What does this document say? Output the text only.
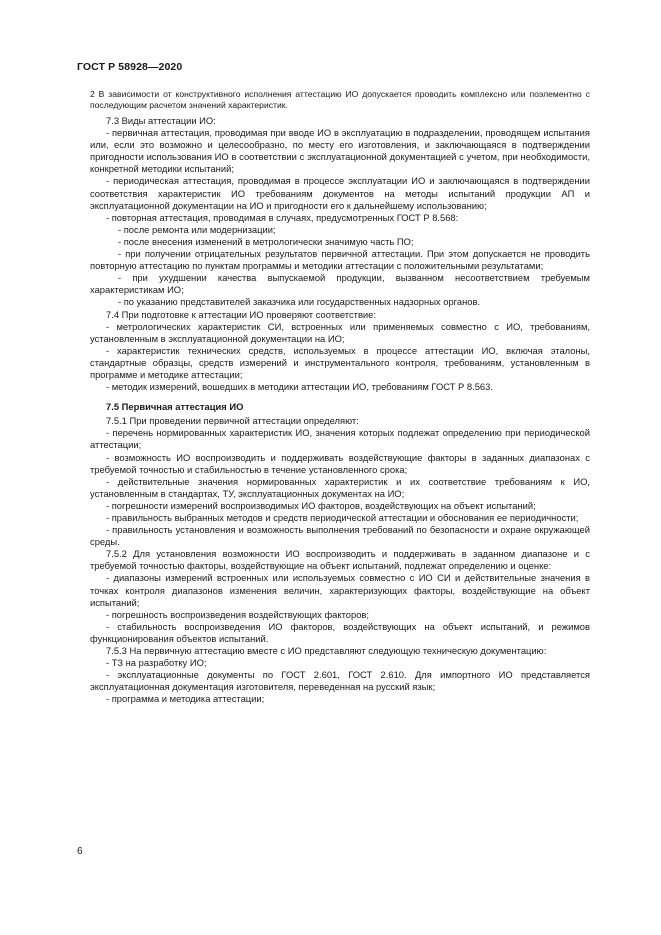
ГОСТ Р 58928—2020

2 В зависимости от конструктивного исполнения аттестацию ИО допускается проводить комплексно или поэлементно с последующим расчетом значений характеристик.

7.3 Виды аттестации ИО:

- первичная аттестация, проводимая при вводе ИО в эксплуатацию в подразделении, проводящем испытания или, если это возможно и целесообразно, по месту его изготовления, и заключающаяся в подтверждении пригодности использования ИО в соответствии с эксплуатационной документацией с учетом, при необходимости, конкретной методики испытаний;

- периодическая аттестация, проводимая в процессе эксплуатации ИО и заключающаяся в подтверждении соответствия характеристик ИО требованиям документов на методы испытаний продукции АП и эксплуатационной документации на ИО и пригодности его к дальнейшему использованию;

- повторная аттестация, проводимая в случаях, предусмотренных ГОСТ Р 8.568:

- после ремонта или модернизации;

- после внесения изменений в метрологически значимую часть ПО;

- при получении отрицательных результатов первичной аттестации. При этом допускается не проводить повторную аттестацию по пунктам программы и методики аттестации с положительными результатами;

- при ухудшении качества выпускаемой продукции, вызванном несоответствием требуемым характеристикам ИО;

- по указанию представителей заказчика или государственных надзорных органов.

7.4 При подготовке к аттестации ИО проверяют соответствие:

- метрологических характеристик СИ, встроенных или применяемых совместно с ИО, требованиям, установленным в эксплуатационной документации на ИО;

- характеристик технических средств, используемых в процессе аттестации ИО, включая эталоны, стандартные образцы, средств измерений и инструментального контроля, требованиям, установленным в программе и методике аттестации;

- методик измерений, вошедших в методики аттестации ИО, требованиям ГОСТ Р 8.563.

7.5 Первичная аттестация ИО

7.5.1 При проведении первичной аттестации определяют:

- перечень нормированных характеристик ИО, значения которых подлежат определению при периодической аттестации;

- возможность ИО воспроизводить и поддерживать воздействующие факторы в заданных диапазонах с требуемой точностью и стабильностью в течение установленного срока;

- действительные значения нормированных характеристик и их соответствие требованиям к ИО, установленным в стандартах, ТУ, эксплуатационных документах на ИО;

- погрешности измерений воспроизводимых ИО факторов, воздействующих на объект испытаний;

- правильность выбранных методов и средств периодической аттестации и обоснования ее периодичности;

- правильность установления и возможность выполнения требований по безопасности и охране окружающей среды.

7.5.2 Для установления возможности ИО воспроизводить и поддерживать в заданном диапазоне и с требуемой точностью факторы, воздействующие на объект испытаний, подлежат определению и оценке:

- диапазоны измерений встроенных или используемых совместно с ИО СИ и действительные значения в точках контроля диапазонов изменения величин, характеризующих факторы, воздействующие на объект испытаний;

- погрешность воспроизведения воздействующих факторов;

- стабильность воспроизведения ИО факторов, воздействующих на объект испытаний, и режимов функционирования объектов испытаний.

7.5.3 На первичную аттестацию вместе с ИО представляют следующую техническую документацию:

- ТЗ на разработку ИО;

- эксплуатационные документы по ГОСТ 2.601, ГОСТ 2.610. Для импортного ИО представляется эксплуатационная документация изготовителя, переведенная на русский язык;

- программа и методика аттестации;

6
